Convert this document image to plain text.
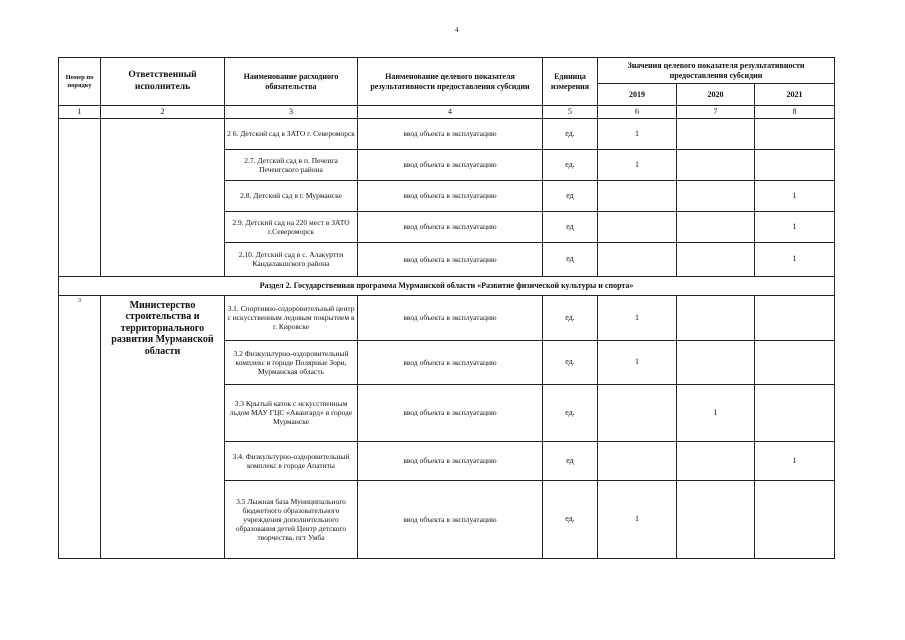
4
Номер по порядку	Ответственный исполнитель	Наименование расходного обязательства	Наименование целевого показателя результативности предоставления субсидии	Единица измерения	Значения целевого показателя результативности предоставления субсидии		
					2019	2020	2021
1	2	3	4	5	6	7	8
		2 6. Детский сад в ЗАТО г. Североморск	ввод объекта в эксплуатацию	ед.	1		
		2.7. Детский сад в п. Печенга Печенгского района	ввод объекта в эксплуатацию	ед.	1		
		2.8. Детский сад в г. Мурманске	ввод объекта в эксплуатацию	ед			1
		2.9. Детский сад на 220 мест в ЗАТО г.Североморск	ввод объекта в эксплуатацию	ед			1
		2.10. Детский сад в с. Алакуртти Кандалакшского района	ввод объекта в эксплуатацию	ед			1
Раздел 2. Государственная программа Мурманской области «Развитие физической культуры и спорта»							
3	Министерство строительства и территориального развития Мурманской области	3.1. Спортивно-оздоровительный центр с искусственным ледовым покрытием в г. Кировске	ввод объекта в эксплуатацию	ед.	1		
		3.2 Физкультурно-оздоровительный комплекс в городе Полярные Зори, Мурманская область	ввод объекта в эксплуатацию	ед.	1		
		3.3 Крытый каток с искусственным льдом МАУ ГЦС «Авангард» в городе Мурманске	ввод объекта в эксплуатацию	ед.		1	
		3.4. Физкультурно-оздоровительный комплекс в городе Апатиты	ввод объекта в эксплуатацию	ед			1
		3.5 Лыжная база Муниципального бюджетного образовательного учреждения дополнительного образования детей Центр детского творчества, пгт Умба	ввод объекта в эксплуатацию	ед.	1		
